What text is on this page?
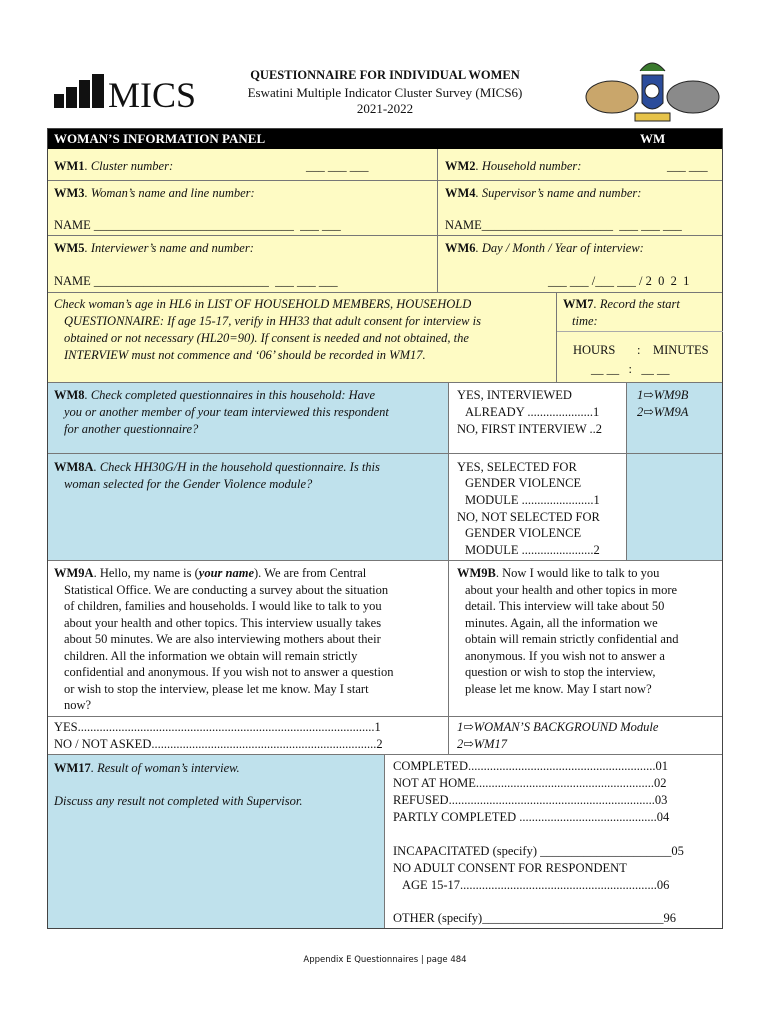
MICS	QUESTIONNAIRE FOR INDIVIDUAL WOMEN
Eswatini Multiple Indicator Cluster Survey (MICS6)
2021-2022
WOMAN’S INFORMATION PANEL	WM
WM1. Cluster number:	___ ___ ___	WM2. Household number:	___ ___
WM3. Woman’s name and line number:
NAME ________________________________  ___ ___
WM4. Supervisor’s name and number:
NAME_____________________  ___ ___ ___
WM5. Interviewer’s name and number:
NAME ____________________________  ___ ___ ___
WM6. Day / Month / Year of interview:
___ ___ /___ ___ / 2  0  2  1
Check woman’s age in HL6 in LIST OF HOUSEHOLD MEMBERS, HOUSEHOLD
QUESTIONNAIRE: If age 15-17, verify in HH33 that adult consent for interview is
obtained or not necessary (HL20=90). If consent is needed and not obtained, the
INTERVIEW must not commence and ‘06’ should be recorded in WM17.
WM7. Record the start
time:
HOURS : MINUTES
__ __   :   __ __
WM8. Check completed questionnaires in this household: Have
you or another member of your team interviewed this respondent
for another questionnaire?
YES, INTERVIEWED
ALREADY .....................1
NO, FIRST INTERVIEW ..2
1⇨WM9B
2⇨WM9A
WM8A. Check HH30G/H in the household questionnaire. Is this
woman selected for the Gender Violence module?
YES, SELECTED FOR
GENDER VIOLENCE
MODULE .......................1
NO, NOT SELECTED FOR
GENDER VIOLENCE
MODULE .......................2
WM9A. Hello, my name is (your name). We are from Central
Statistical Office. We are conducting a survey about the situation
of children, families and households. I would like to talk to you
about your health and other topics. This interview usually takes
about 50 minutes. We are also interviewing mothers about their
children. All the information we obtain will remain strictly
confidential and anonymous. If you wish not to answer a question
or wish to stop the interview, please let me know. May I start
now?
WM9B. Now I would like to talk to you
about your health and other topics in more
detail. This interview will take about 50
minutes. Again, all the information we
obtain will remain strictly confidential and
anonymous. If you wish not to answer a
question or wish to stop the interview,
please let me know. May I start now?
YES...............................................................................................1
NO / NOT ASKED........................................................................2
1⇨WOMAN’S BACKGROUND Module
2⇨WM17
WM17. Result of woman’s interview.
Discuss any result not completed with Supervisor.
COMPLETED............................................................01
NOT AT HOME.........................................................02
REFUSED..................................................................03
PARTLY COMPLETED ............................................04
INCAPACITATED (specify) _____________________05
NO ADULT CONSENT FOR RESPONDENT
AGE 15-17...............................................................06
OTHER (specify)_____________________________96
Appendix E Questionnaires | page 484
